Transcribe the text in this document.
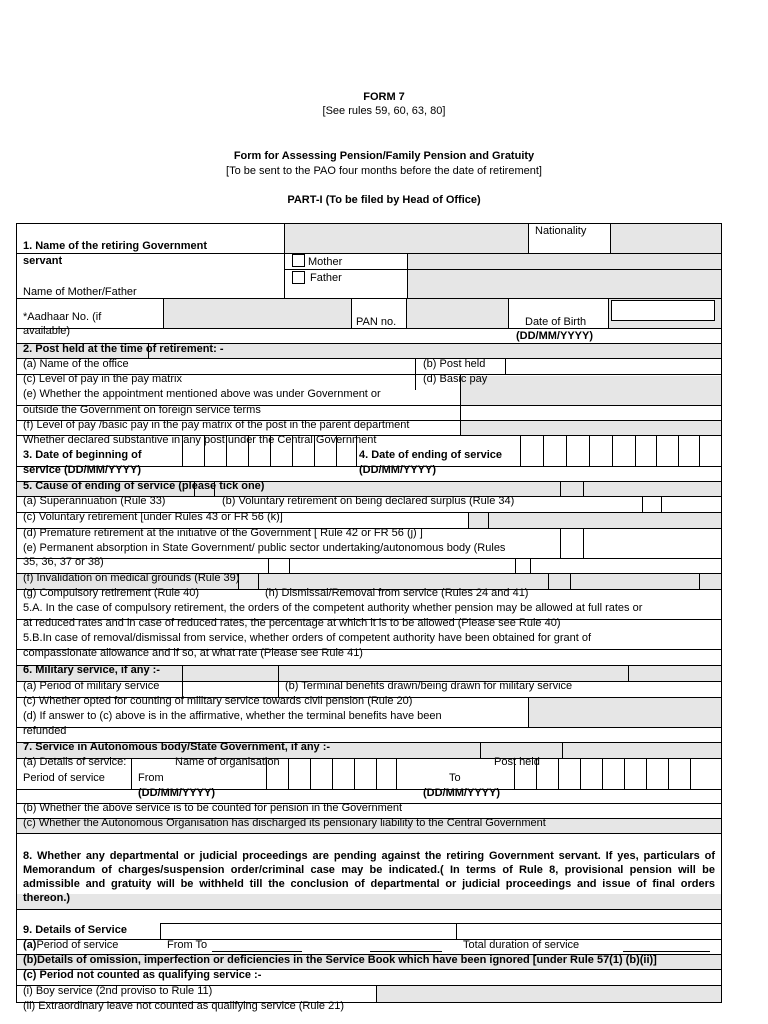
FORM 7
[See rules 59, 60, 63, 80]
Form for Assessing Pension/Family Pension and Gratuity
[To be sent to the PAO four months before the date of retirement]
PART-I (To be filed by Head of Office)
Nationality
1. Name of the retiring Government
servant	Mother
Father
Name of Mother/Father
*Aadhaar No. (if
available)
PAN no.	Date of Birth
(DD/MM/YYYY)
2. Post held at the time of retirement: -
(a) Name of the office	(b) Post held
(c) Level of pay in the pay matrix	(d) Basic pay
(e) Whether the appointment mentioned above was under Government or
outside the Government on foreign service terms
(f) Level of pay /basic pay in the pay matrix of the post in the parent department
Whether declared substantive in any post under the Central Government
3. Date of beginning of
service (DD/MM/YYYY)
4. Date of ending of service
(DD/MM/YYYY)
5. Cause of ending of service (please tick one)
(a) Superannuation (Rule 33)	(b) Voluntary retirement on being declared surplus (Rule 34)
(c) Voluntary retirement [under Rules 43 or FR 56 (k)]
(d) Premature retirement at the initiative of the Government [ Rule 42 or FR 56 (j) ]
(e) Permanent absorption in State Government/ public sector undertaking/autonomous body (Rules
35, 36, 37 or 38)
(f) Invalidation on medical grounds (Rule 39)
(g) Compulsory retirement (Rule 40)	(h) Dismissal/Removal from service (Rules 24 and 41)
5.A. In the case of compulsory retirement, the orders of the competent authority whether pension may be allowed at full rates or
at reduced rates and in case of reduced rates, the percentage at which it is to be allowed (Please see Rule 40)
5.B.In case of removal/dismissal from service, whether orders of competent authority have been obtained for grant of
compassionate allowance and if so, at what rate (Please see Rule 41)
6. Military service, if any :-
(a) Period of military service	(b) Terminal benefits drawn/being drawn for military service
(c) Whether opted for counting of military service towards civil pension (Rule 20)
(d) If answer to (c) above is in the affirmative, whether the terminal benefits have been
refunded
7. Service in Autonomous body/State Government, if any :-
(a) Details of service:	Name of organisation	Post held
Period of service	From	To
(DD/MM/YYYY)	(DD/MM/YYYY)
(b) Whether the above service is to be counted for pension in the Government
(c) Whether the Autonomous Organisation has discharged its pensionary liability to the Central Government
8. Whether any departmental or judicial proceedings are pending against the retiring Government servant. If yes, particulars of Memorandum of charges/suspension order/criminal case may be indicated.( In terms of Rule 8, provisional pension will be admissible and gratuity will be withheld till the conclusion of departmental or judicial proceedings and issue of final orders thereon.)
9. Details of Service
(a)Period of service	From To	Total duration of service
(b)Details of omission, imperfection or deficiencies in the Service Book which have been ignored [under Rule 57(1) (b)(ii)]
(c) Period not counted as qualifying service :-
(i) Boy service (2nd proviso to Rule 11)
(ii) Extraordinary leave not counted as qualifying service (Rule 21)
